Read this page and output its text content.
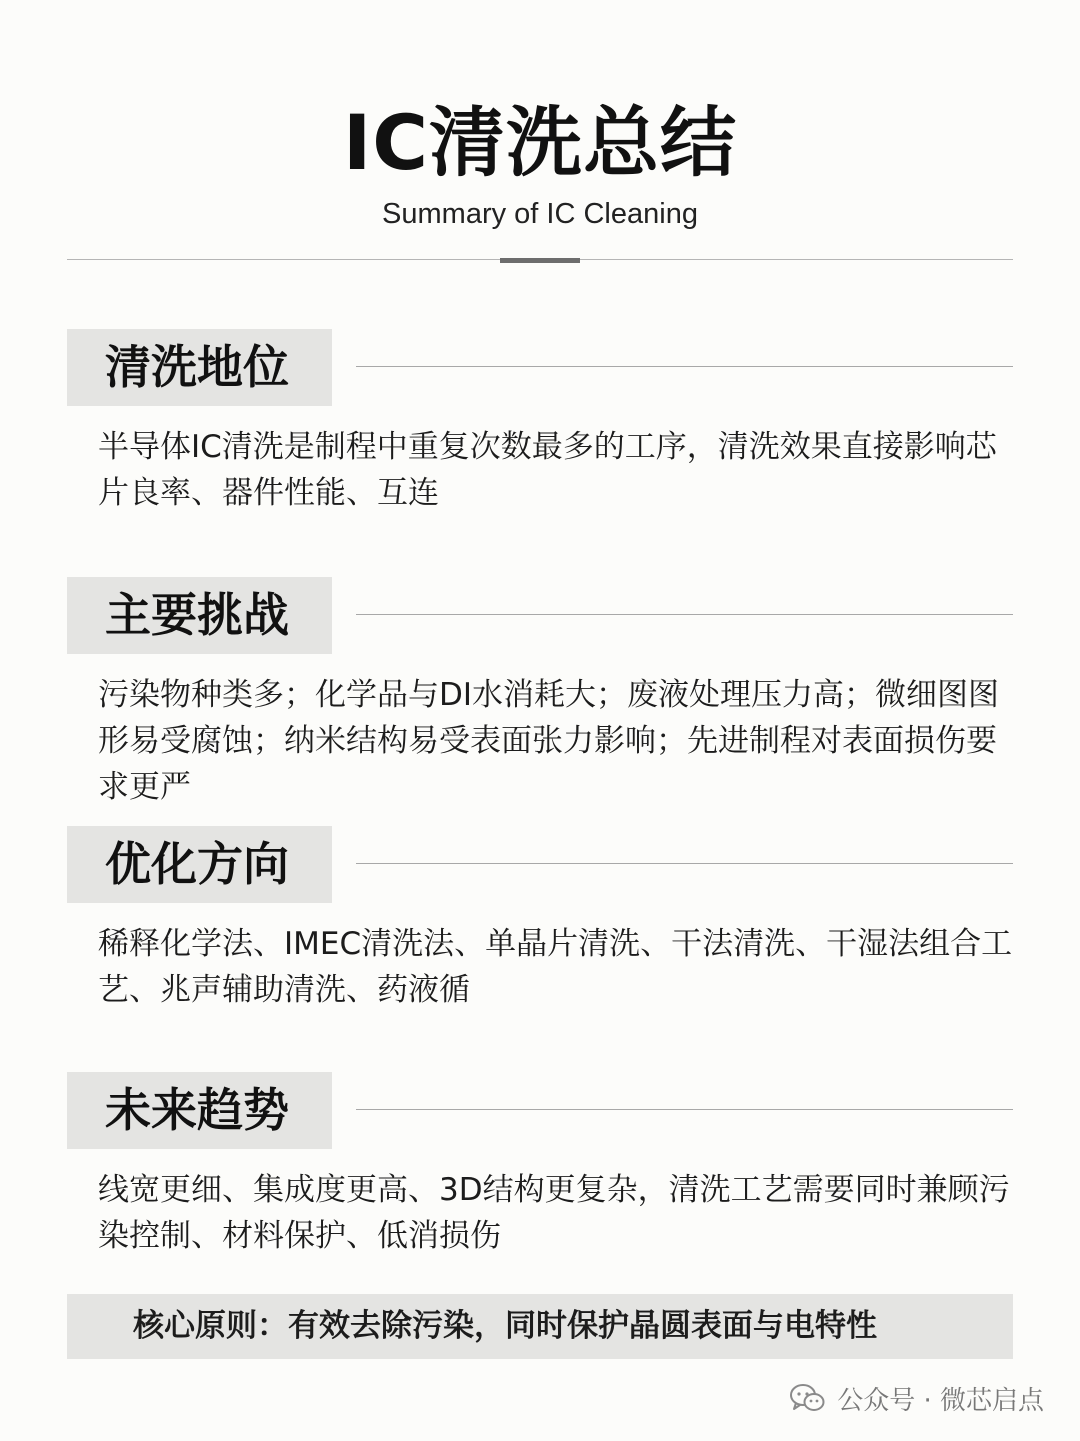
IC清洗总结
Summary of IC Cleaning
清洗地位

半导体IC清洗是制程中重复次数最多的工序，清洗效果直接影响芯片良率、器件性能、互连

主要挑战

污染物种类多；化学品与DI水消耗大；废液处理压力高；微细图图形易受腐蚀；纳米结构易受表面张力影响；先进制程对表面损伤要求更严

优化方向

稀释化学法、IMEC清洗法、单晶片清洗、干法清洗、干湿法组合工艺、兆声辅助清洗、药液循

未来趋势

线宽更细、集成度更高、3D结构更复杂，清洗工艺需要同时兼顾污染控制、材料保护、低消损伤

核心原则：有效去除污染，同时保护晶圆表面与电特性
公众号 · 微芯启点
